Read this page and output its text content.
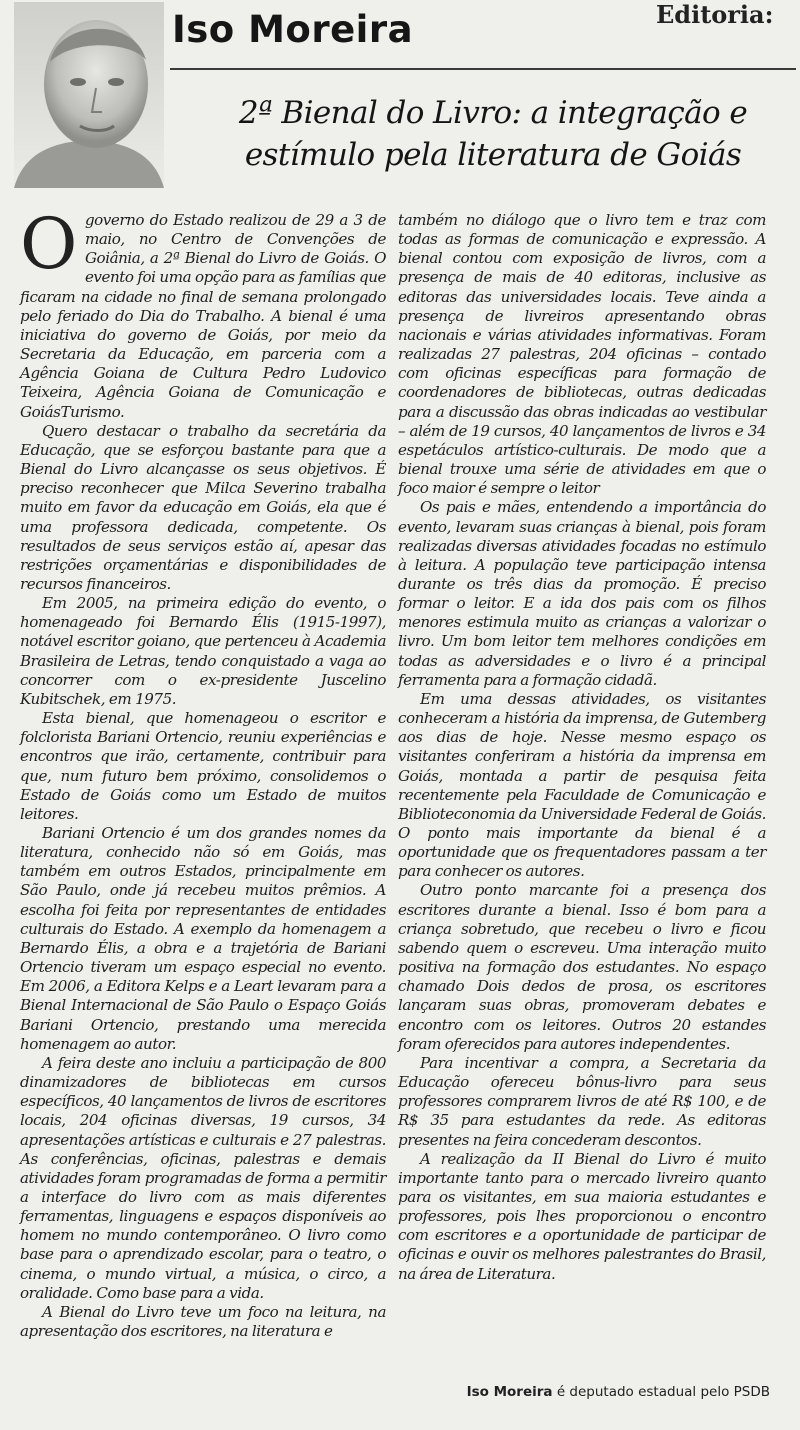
Iso Moreira	Editoria:
2ª Bienal do Livro: a integração e
estímulo pela literatura de Goiás

Ogoverno do Estado realizou de 29 a 3 de maio, no Centro de Convenções de Goiânia, a 2ª Bienal do Livro de Goiás. O evento foi uma opção para as famílias que ficaram na cidade no final de semana prolongado pelo feriado do Dia do Trabalho. A bienal é uma iniciativa do governo de Goiás, por meio da Secretaria da Educação, em parceria com a Agência Goiana de Cultura Pedro Ludovico Teixeira, Agência Goiana de Comunicação e GoiásTurismo.

Quero destacar o trabalho da secretária da Educação, que se esforçou bastante para que a Bienal do Livro alcançasse os seus objetivos. É preciso reconhecer que Milca Severino trabalha muito em favor da educação em Goiás, ela que é uma professora dedicada, competente. Os resultados de seus serviços estão aí, apesar das restrições orçamentárias e disponibilidades de recursos financeiros.

Em 2005, na primeira edição do evento, o homenageado foi Bernardo Élis (1915-1997), notável escritor goiano, que pertenceu à Academia Brasileira de Letras, tendo conquistado a vaga ao concorrer com o ex-presidente Juscelino Kubitschek, em 1975.

Esta bienal, que homenageou o escritor e folclorista Bariani Ortencio, reuniu experiências e encontros que irão, certamente, contribuir para que, num futuro bem próximo, consolidemos o Estado de Goiás como um Estado de muitos leitores.

Bariani Ortencio é um dos grandes nomes da literatura, conhecido não só em Goiás, mas também em outros Estados, principalmente em São Paulo, onde já recebeu muitos prêmios. A escolha foi feita por representantes de entidades culturais do Estado. A exemplo da homenagem a Bernardo Élis, a obra e a trajetória de Bariani Ortencio tiveram um espaço especial no evento. Em 2006, a Editora Kelps e a Leart levaram para a Bienal Internacional de São Paulo o Espaço Goiás Bariani Ortencio, prestando uma merecida homenagem ao autor.

A feira deste ano incluiu a participação de 800 dinamizadores de bibliotecas em cursos específicos, 40 lançamentos de livros de escritores locais, 204 oficinas diversas, 19 cursos, 34 apresentações artísticas e culturais e 27 palestras. As conferências, oficinas, palestras e demais atividades foram programadas de forma a permitir a interface do livro com as mais diferentes ferramentas, linguagens e espaços disponíveis ao homem no mundo contemporâneo. O livro como base para o aprendizado escolar, para o teatro, o cinema, o mundo virtual, a música, o circo, a oralidade. Como base para a vida.

A Bienal do Livro teve um foco na leitura, na apresentação dos escritores, na literatura e

também no diálogo que o livro tem e traz com todas as formas de comunicação e expressão. A bienal contou com exposição de livros, com a presença de mais de 40 editoras, inclusive as editoras das universidades locais. Teve ainda a presença de livreiros apresentando obras nacionais e várias atividades informativas. Foram realizadas 27 palestras, 204 oficinas – contado com oficinas específicas para formação de coordenadores de bibliotecas, outras dedicadas para a discussão das obras indicadas ao vestibular – além de 19 cursos, 40 lançamentos de livros e 34 espetáculos artístico-culturais. De modo que a bienal trouxe uma série de atividades em que o foco maior é sempre o leitor

Os pais e mães, entendendo a importância do evento, levaram suas crianças à bienal, pois foram realizadas diversas atividades focadas no estímulo à leitura. A população teve participação intensa durante os três dias da promoção. É preciso formar o leitor. E a ida dos pais com os filhos menores estimula muito as crianças a valorizar o livro. Um bom leitor tem melhores condições em todas as adversidades e o livro é a principal ferramenta para a formação cidadã.

Em uma dessas atividades, os visitantes conheceram a história da imprensa, de Gutemberg aos dias de hoje. Nesse mesmo espaço os visitantes conferiram a história da imprensa em Goiás, montada a partir de pesquisa feita recentemente pela Faculdade de Comunicação e Biblioteconomia da Universidade Federal de Goiás. O ponto mais importante da bienal é a oportunidade que os frequentadores passam a ter para conhecer os autores.

Outro ponto marcante foi a presença dos escritores durante a bienal. Isso é bom para a criança sobretudo, que recebeu o livro e ficou sabendo quem o escreveu. Uma interação muito positiva na formação dos estudantes. No espaço chamado Dois dedos de prosa, os escritores lançaram suas obras, promoveram debates e encontro com os leitores. Outros 20 estandes foram oferecidos para autores independentes.

Para incentivar a compra, a Secretaria da Educação ofereceu bônus-livro para seus professores comprarem livros de até R$ 100, e de R$ 35 para estudantes da rede. As editoras presentes na feira concederam descontos.

A realização da II Bienal do Livro é muito importante tanto para o mercado livreiro quanto para os visitantes, em sua maioria estudantes e professores, pois lhes proporcionou o encontro com escritores e a oportunidade de participar de oficinas e ouvir os melhores palestrantes do Brasil, na área de Literatura.

Iso Moreira é deputado estadual pelo PSDB
